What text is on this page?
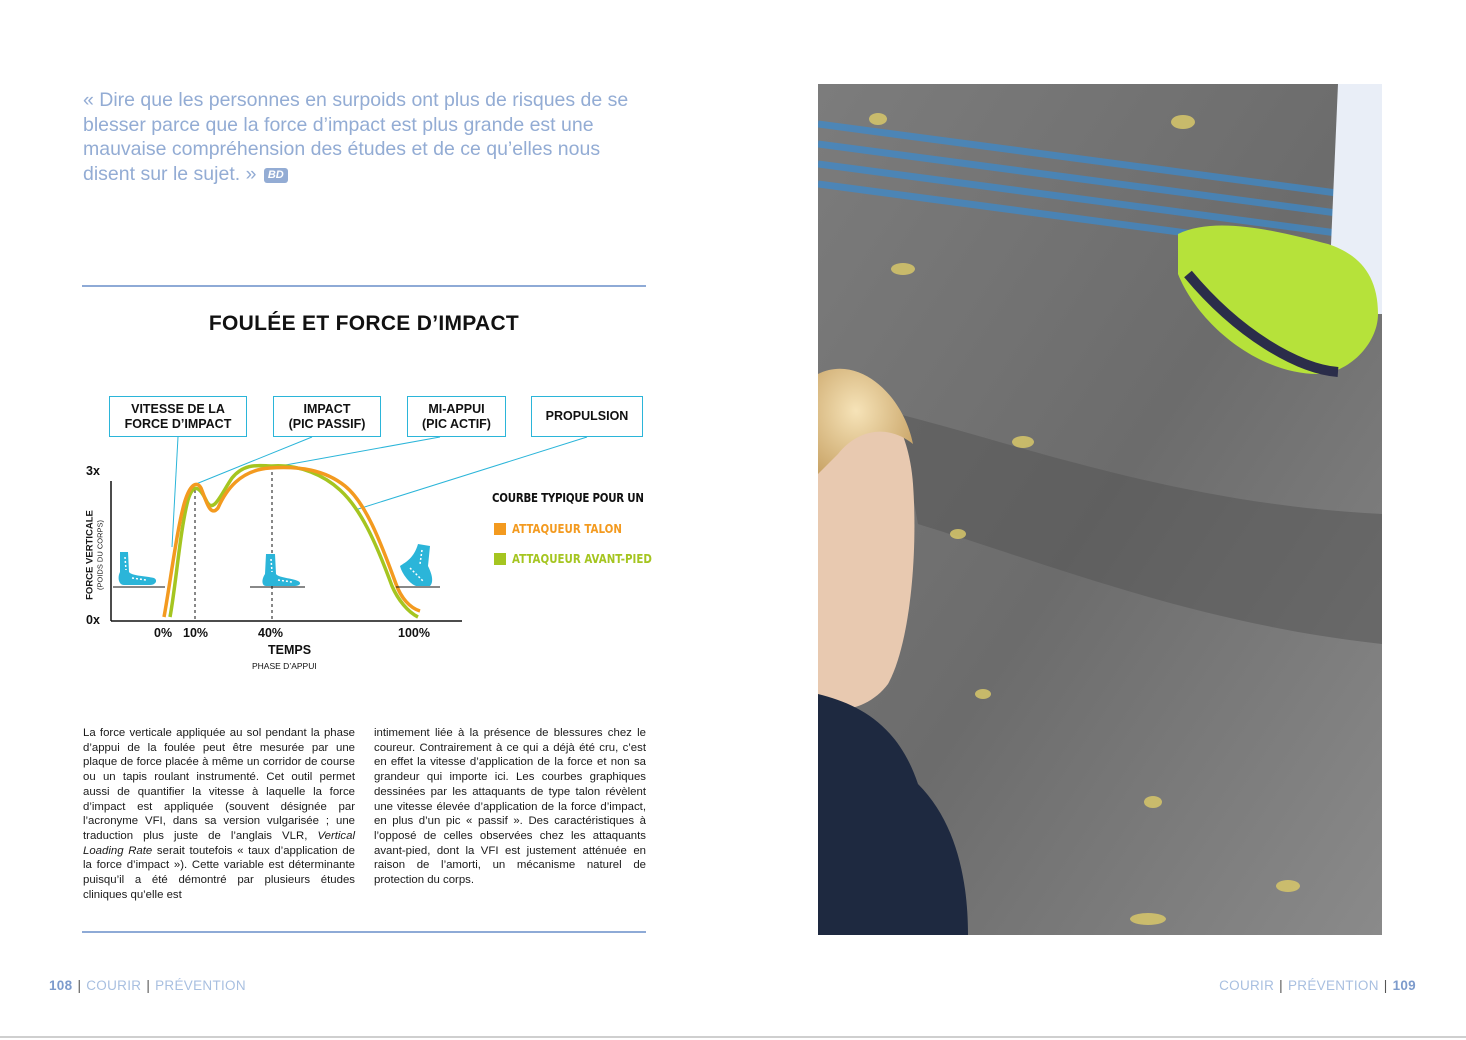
« Dire que les personnes en surpoids ont plus de risques de se blesser parce que la force d’impact est plus grande est une mauvaise compréhension des études et de ce qu’elles nous disent sur le sujet. » BD
FOULÉE ET FORCE D’IMPACT
VITESSE DE LA
FORCE D’IMPACT
IMPACT
(PIC PASSIF)
MI-APPUI
(PIC ACTIF)
PROPULSION
3x
0x
FORCE VERTICALE (POIDS DU CORPS)
0% 10%	40%	100%
TEMPS
PHASE D’APPUI
COURBE TYPIQUE POUR UN
ATTAQUEUR TALON
ATTAQUEUR AVANT-PIED
La force verticale appliquée au sol pendant la phase d’appui de la foulée peut être mesurée par une plaque de force placée à même un corridor de course ou un tapis roulant instrumenté. Cet outil permet aussi de quantifier la vitesse à laquelle la force d’impact est appliquée (souvent désignée par l’acronyme VFI, dans sa version vulgarisée ; une traduction plus juste de l’anglais VLR, Vertical Loading Rate serait toutefois « taux d’application de la force d’impact »). Cette variable est déterminante puisqu’il a été démontré par plusieurs études cliniques qu’elle est
intimement liée à la présence de blessures chez le coureur. Contrairement à ce qui a déjà été cru, c’est en effet la vitesse d’application de la force et non sa grandeur qui importe ici. Les courbes graphiques dessinées par les attaquants de type talon révèlent une vitesse élevée d’application de la force d’impact, en plus d’un pic « passif ». Des caractéristiques à l’opposé de celles observées chez les attaquants avant-pied, dont la VFI est justement atténuée en raison de l’amorti, un mécanisme naturel de protection du corps.
108 | COURIR | PRÉVENTION	COURIR | PRÉVENTION | 109
